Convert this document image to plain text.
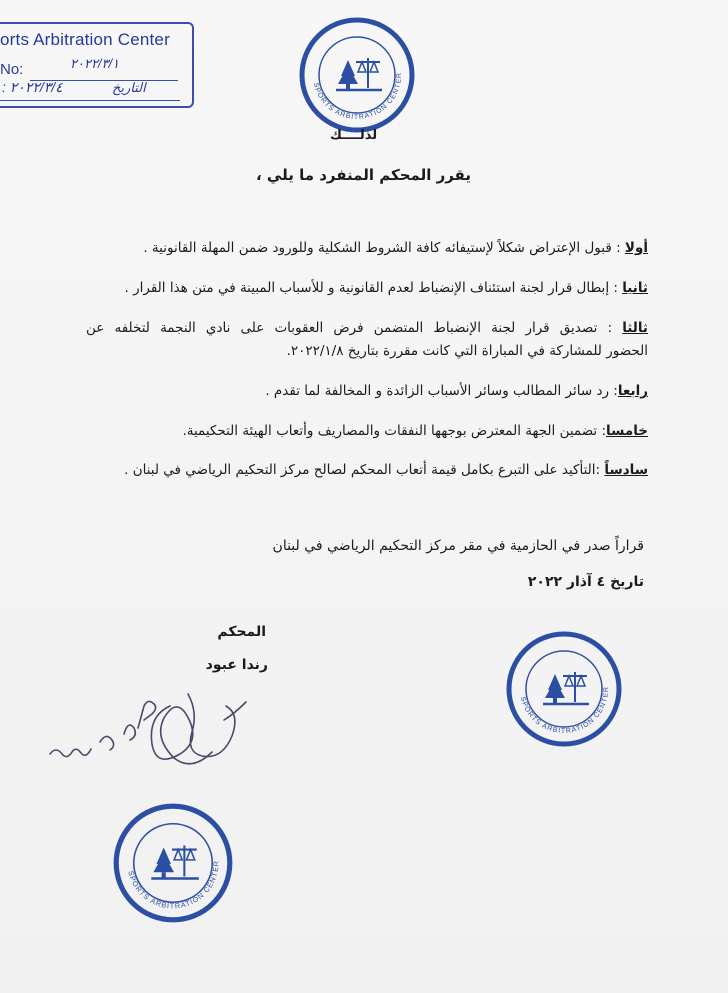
orts Arbitration Center
No:	٢٠٢٢/٣/١
: ٢٠٢٢/٣/٤	التاريخ	SPORTS ARBITRATION CENTER
لذلــــك
يقرر المحكم المنفرد ما يلي ،
أولا : قبول الإعتراض شكلاً لإستيفائه كافة الشروط الشكلية وللورود ضمن المهلة القانونية .
ثانيا : إبطال قرار لجنة استئناف الإنضباط لعدم القانونية و للأسباب المبينة في متن هذا القرار .
ثالثا : تصديق قرار لجنة الإنضباط المتضمن فرض العقوبات على نادي النجمة لتخلفه عن
الحضور للمشاركة في المباراة التي كانت مقررة بتاريخ ٢٠٢٢/١/٨.
رابعا: رد سائر المطالب وسائر الأسباب الزائدة و المخالفة لما تقدم .
خامسا: تضمين الجهة المعترض بوجهها النفقات والمصاريف وأتعاب الهيئة التحكيمية.
سادساً :التأكيد على التبرع بكامل قيمة أتعاب المحكم لصالح مركز التحكيم الرياضي في لبنان .
قراراً صدر في الحازمية في مقر مركز التحكيم الرياضي في لبنان
تاريخ ٤ آذار ٢٠٢٢
المحكم
رندا عبود
SPORTS ARBITRATION CENTER
SPORTS ARBITRATION CENTER
